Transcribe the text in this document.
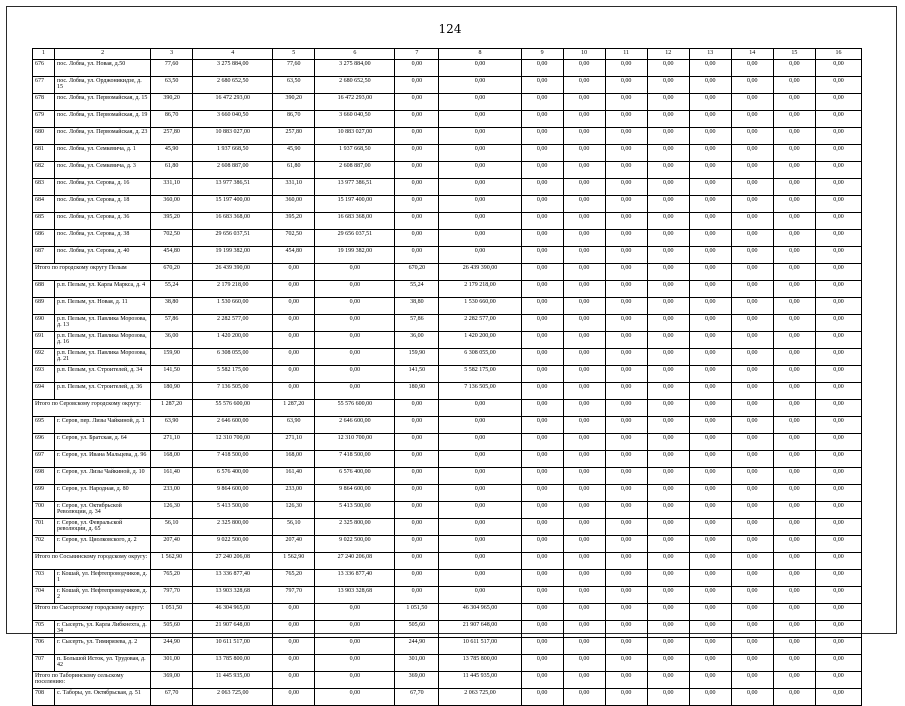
124
1	2	3	4	5	6	7	8	9	10	11	12	13	14	15	16
676	пос. Лобва, ул. Новая, д.50	77,60	3 275 884,00	77,60	3 275 884,00	0,00	0,00	0,00	0,00	0,00	0,00	0,00	0,00	0,00	0,00
677	пос. Лобва, ул. Орджоникидзе, д. 15	63,50	2 680 652,50	63,50	2 680 652,50	0,00	0,00	0,00	0,00	0,00	0,00	0,00	0,00	0,00	0,00
678	пос. Лобва, ул. Первомайская, д. 15	390,20	16 472 293,00	390,20	16 472 293,00	0,00	0,00	0,00	0,00	0,00	0,00	0,00	0,00	0,00	0,00
679	пос. Лобва, ул. Первомайская, д. 19	86,70	3 660 040,50	86,70	3 660 040,50	0,00	0,00	0,00	0,00	0,00	0,00	0,00	0,00	0,00	0,00
680	пос. Лобва, ул. Первомайская, д. 23	257,80	10 883 027,00	257,80	10 883 027,00	0,00	0,00	0,00	0,00	0,00	0,00	0,00	0,00	0,00	0,00
681	пос. Лобва, ул. Семкевича, д. 1	45,90	1 937 668,50	45,90	1 937 668,50	0,00	0,00	0,00	0,00	0,00	0,00	0,00	0,00	0,00	0,00
682	пос. Лобва, ул. Семкевича, д. 3	61,80	2 608 887,00	61,80	2 608 887,00	0,00	0,00	0,00	0,00	0,00	0,00	0,00	0,00	0,00	0,00
683	пос. Лобва, ул. Серова, д. 16	331,10	13 977 386,51	331,10	13 977 386,51	0,00	0,00	0,00	0,00	0,00	0,00	0,00	0,00	0,00	0,00
684	пос. Лобва, ул. Серова, д. 18	360,00	15 197 400,00	360,00	15 197 400,00	0,00	0,00	0,00	0,00	0,00	0,00	0,00	0,00	0,00	0,00
685	пос. Лобва, ул. Серова, д. 36	395,20	16 683 368,00	395,20	16 683 368,00	0,00	0,00	0,00	0,00	0,00	0,00	0,00	0,00	0,00	0,00
686	пос. Лобва, ул. Серова, д. 38	702,50	29 656 037,51	702,50	29 656 037,51	0,00	0,00	0,00	0,00	0,00	0,00	0,00	0,00	0,00	0,00
687	пос. Лобва, ул. Серова, д. 40	454,80	19 199 382,00	454,80	19 199 382,00	0,00	0,00	0,00	0,00	0,00	0,00	0,00	0,00	0,00	0,00
Итого по городскому округу Пелым		670,20	26 439 390,00	0,00	0,00	670,20	26 439 390,00	0,00	0,00	0,00	0,00	0,00	0,00	0,00	0,00
688	р.п. Пелым, ул. Карла Маркса, д. 4	55,24	2 179 218,00	0,00	0,00	55,24	2 179 218,00	0,00	0,00	0,00	0,00	0,00	0,00	0,00	0,00
689	р.п. Пелым, ул. Новая, д. 11	38,80	1 530 660,00	0,00	0,00	38,80	1 530 660,00	0,00	0,00	0,00	0,00	0,00	0,00	0,00	0,00
690	р.п. Пелым, ул. Павлика Морозова, д. 13	57,86	2 282 577,00	0,00	0,00	57,86	2 282 577,00	0,00	0,00	0,00	0,00	0,00	0,00	0,00	0,00
691	р.п. Пелым, ул. Павлика Морозова, д. 16	36,00	1 420 200,00	0,00	0,00	36,00	1 420 200,00	0,00	0,00	0,00	0,00	0,00	0,00	0,00	0,00
692	р.п. Пелым, ул. Павлика Морозова, д. 21	159,90	6 308 055,00	0,00	0,00	159,90	6 308 055,00	0,00	0,00	0,00	0,00	0,00	0,00	0,00	0,00
693	р.п. Пелым, ул. Строителей, д. 34	141,50	5 582 175,00	0,00	0,00	141,50	5 582 175,00	0,00	0,00	0,00	0,00	0,00	0,00	0,00	0,00
694	р.п. Пелым, ул. Строителей, д. 36	180,90	7 136 505,00	0,00	0,00	180,90	7 136 505,00	0,00	0,00	0,00	0,00	0,00	0,00	0,00	0,00
Итого по Серовскому городскому округу:		1 287,20	55 576 600,00	1 287,20	55 576 600,00	0,00	0,00	0,00	0,00	0,00	0,00	0,00	0,00	0,00	0,00
695	г. Серов, пер. Лизы Чайкиной, д. 1	63,90	2 646 600,00	63,90	2 646 600,00	0,00	0,00	0,00	0,00	0,00	0,00	0,00	0,00	0,00	0,00
696	г. Серов, ул. Братская, д. 64	271,10	12 310 700,00	271,10	12 310 700,00	0,00	0,00	0,00	0,00	0,00	0,00	0,00	0,00	0,00	0,00
697	г. Серов, ул. Ивана Мальцева, д. 96	168,00	7 418 500,00	168,00	7 418 500,00	0,00	0,00	0,00	0,00	0,00	0,00	0,00	0,00	0,00	0,00
698	г. Серов, ул. Лизы Чайкиной, д. 10	161,40	6 576 400,00	161,40	6 576 400,00	0,00	0,00	0,00	0,00	0,00	0,00	0,00	0,00	0,00	0,00
699	г. Серов, ул. Народная, д. 80	233,00	9 864 600,00	233,00	9 864 600,00	0,00	0,00	0,00	0,00	0,00	0,00	0,00	0,00	0,00	0,00
700	г. Серов, ул. Октябрьской Революции, д. 34	126,30	5 413 500,00	126,30	5 413 500,00	0,00	0,00	0,00	0,00	0,00	0,00	0,00	0,00	0,00	0,00
701	г. Серов, ул. Февральской революции, д. 65	56,10	2 325 800,00	56,10	2 325 800,00	0,00	0,00	0,00	0,00	0,00	0,00	0,00	0,00	0,00	0,00
702	г. Серов, ул. Циолковского, д. 2	207,40	9 022 500,00	207,40	9 022 500,00	0,00	0,00	0,00	0,00	0,00	0,00	0,00	0,00	0,00	0,00
Итого по Сосьвинскому городскому округу:		1 562,90	27 240 206,08	1 562,90	27 240 206,08	0,00	0,00	0,00	0,00	0,00	0,00	0,00	0,00	0,00	0,00
703	г. Кошай, ул. Нефтепроводчиков, д. 1	765,20	13 336 877,40	765,20	13 336 877,40	0,00	0,00	0,00	0,00	0,00	0,00	0,00	0,00	0,00	0,00
704	г. Кошай, ул. Нефтепроводчиков, д. 2	797,70	13 903 328,68	797,70	13 903 328,68	0,00	0,00	0,00	0,00	0,00	0,00	0,00	0,00	0,00	0,00
Итого по Сысертскому городскому округу:		1 051,50	46 304 965,00	0,00	0,00	1 051,50	46 304 965,00	0,00	0,00	0,00	0,00	0,00	0,00	0,00	0,00
705	г. Сысерть, ул. Карла Либкнехта, д. 34	505,60	21 907 648,00	0,00	0,00	505,60	21 907 648,00	0,00	0,00	0,00	0,00	0,00	0,00	0,00	0,00
706	г. Сысерть, ул. Тимирязева, д. 2	244,90	10 611 517,00	0,00	0,00	244,90	10 611 517,00	0,00	0,00	0,00	0,00	0,00	0,00	0,00	0,00
707	п. Большой Исток, ул. Трудовая, д. 42	301,00	13 785 800,00	0,00	0,00	301,00	13 785 800,00	0,00	0,00	0,00	0,00	0,00	0,00	0,00	0,00
Итого по Таборинскому сельскому поселению:		369,00	11 445 935,00	0,00	0,00	369,00	11 445 935,00	0,00	0,00	0,00	0,00	0,00	0,00	0,00	0,00
708	с. Таборы, ул. Октябрьская, д. 51	67,70	2 063 725,00	0,00	0,00	67,70	2 063 725,00	0,00	0,00	0,00	0,00	0,00	0,00	0,00	0,00
